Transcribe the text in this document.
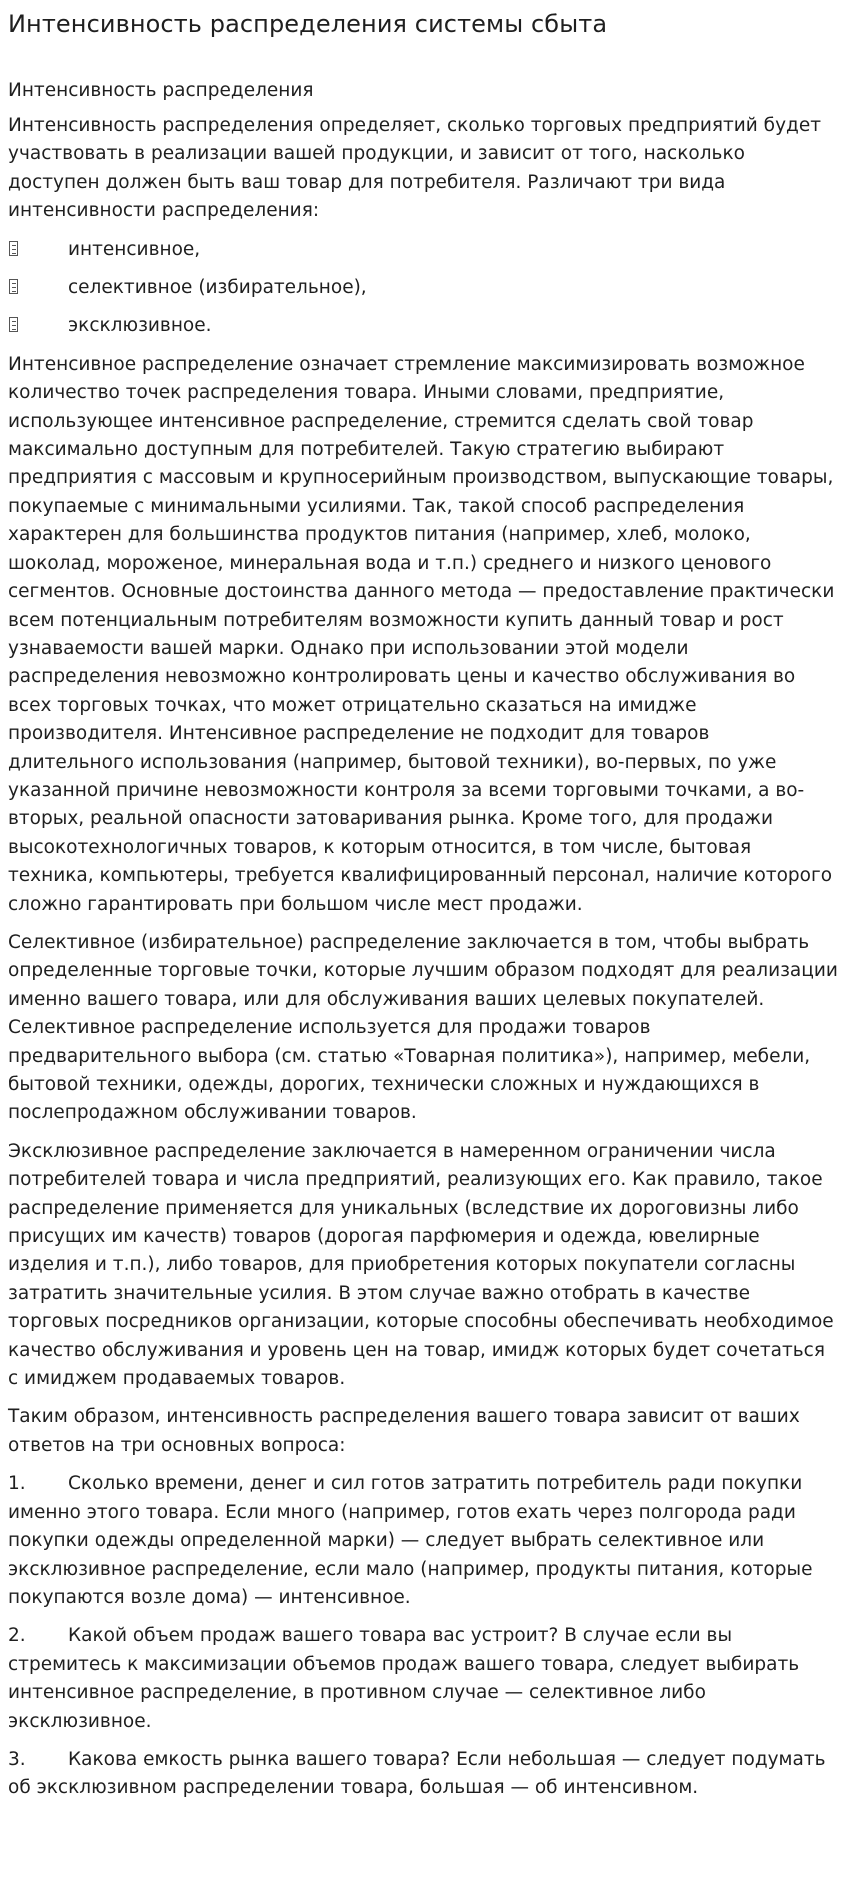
Интенсивность распределения системы сбыта
Интенсивность распределения

Интенсивность распределения определяет, сколько торговых предприятий будет участвовать в реализации вашей продукции, и зависит от того, насколько доступен должен быть ваш товар для потребителя. Различают три вида интенсивности распределения:

интенсивное,
селективное (избирательное),
эксклюзивное.

Интенсивное распределение означает стремление максимизировать возможное количество точек распределения товара. Иными словами, предприятие, использующее интенсивное распределение, стремится сделать свой товар максимально доступным для потребителей. Такую стратегию выбирают предприятия с массовым и крупносерийным производством, выпускающие товары, покупаемые с минимальными усилиями. Так, такой способ распределения характерен для большинства продуктов питания (например, хлеб, молоко, шоколад, мороженое, минеральная вода и т.п.) среднего и низкого ценового сегментов. Основные достоинства данного метода — предоставление практически всем потенциальным потребителям возможности купить данный товар и рост узнаваемости вашей марки. Однако при использовании этой модели распределения невозможно контролировать цены и качество обслуживания во всех торговых точках, что может отрицательно сказаться на имидже производителя. Интенсивное распределение не подходит для товаров длительного использования (например, бытовой техники), во-первых, по уже указанной причине невозможности контроля за всеми торговыми точками, а во-вторых, реальной опасности затоваривания рынка. Кроме того, для продажи высокотехнологичных товаров, к которым относится, в том числе, бытовая техника, компьютеры, требуется квалифицированный персонал, наличие которого сложно гарантировать при большом числе мест продажи.

Селективное (избирательное) распределение заключается в том, чтобы выбрать определенные торговые точки, которые лучшим образом подходят для реализации именно вашего товара, или для обслуживания ваших целевых покупателей. Селективное распределение используется для продажи товаров предварительного выбора (см. статью «Товарная политика»), например, мебели, бытовой техники, одежды, дорогих, технически сложных и нуждающихся в послепродажном обслуживании товаров.

Эксклюзивное распределение заключается в намеренном ограничении числа потребителей товара и числа предприятий, реализующих его. Как правило, такое распределение применяется для уникальных (вследствие их дороговизны либо присущих им качеств) товаров (дорогая парфюмерия и одежда, ювелирные изделия и т.п.), либо товаров, для приобретения которых покупатели согласны затратить значительные усилия. В этом случае важно отобрать в качестве торговых посредников организации, которые способны обеспечивать необходимое качество обслуживания и уровень цен на товар, имидж которых будет сочетаться с имиджем продаваемых товаров.

Таким образом, интенсивность распределения вашего товара зависит от ваших ответов на три основных вопроса:

1. Сколько времени, денег и сил готов затратить потребитель ради покупки именно этого товара. Если много (например, готов ехать через полгорода ради покупки одежды определенной марки) — следует выбрать селективное или эксклюзивное распределение, если мало (например, продукты питания, которые покупаются возле дома) — интенсивное.
2. Какой объем продаж вашего товара вас устроит? В случае если вы стремитесь к максимизации объемов продаж вашего товара, следует выбирать интенсивное распределение, в противном случае — селективное либо эксклюзивное.
3. Какова емкость рынка вашего товара? Если небольшая — следует подумать об эксклюзивном распределении товара, большая — об интенсивном.
